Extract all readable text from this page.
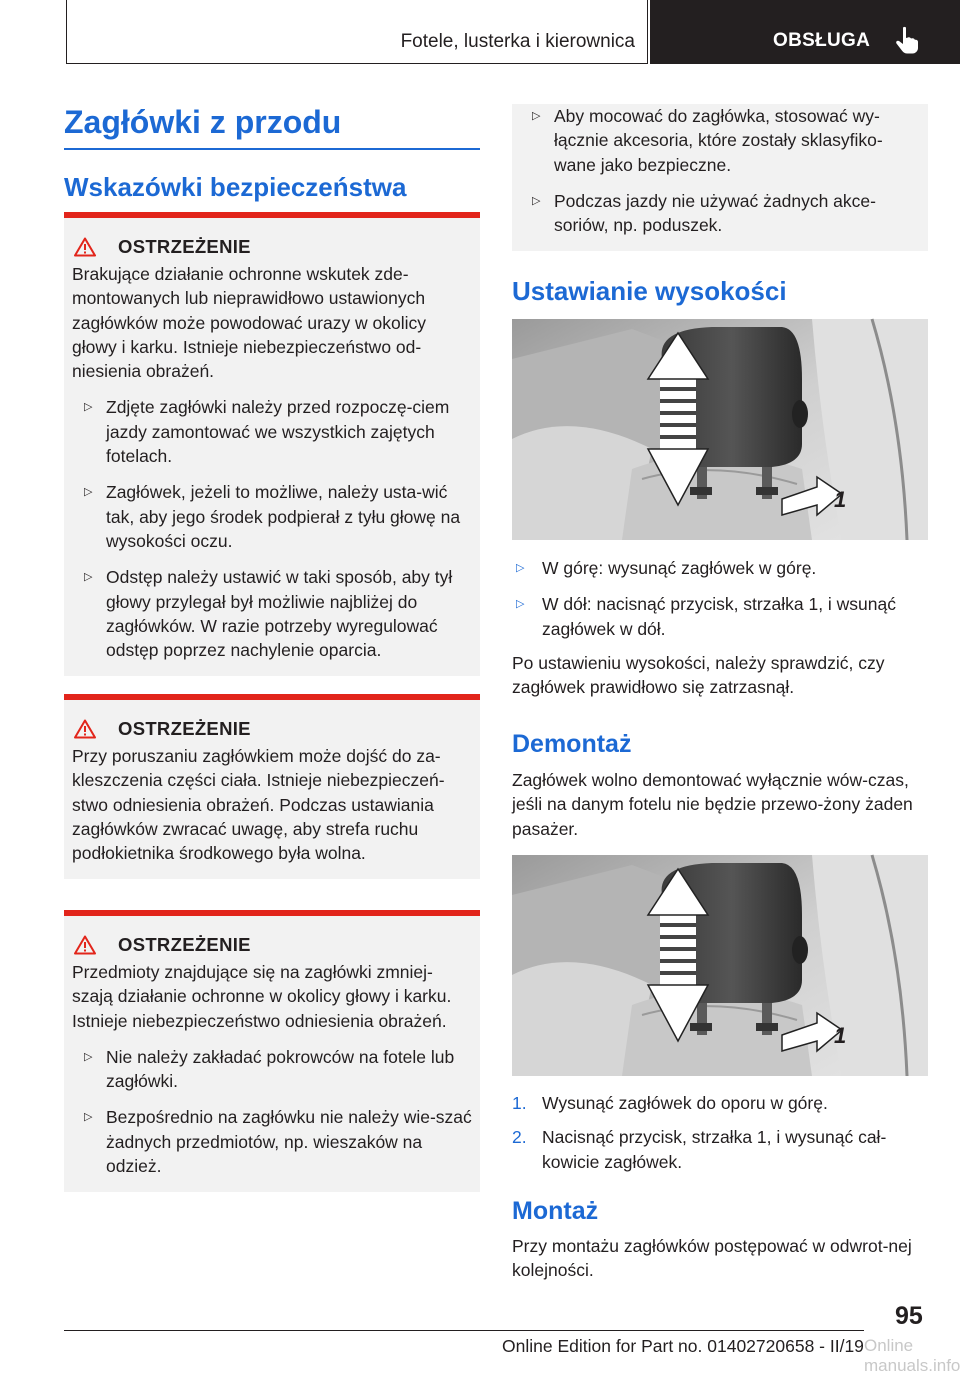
Fotele, lusterka i kierownica	OBSŁUGA
Zagłówki z przodu
Wskazówki bezpieczeństwa
OSTRZEŻENIE
Brakujące działanie ochronne wskutek zde-montowanych lub nieprawidłowo ustawionych zagłówków może powodować urazy w okolicy głowy i karku. Istnieje niebezpieczeństwo od-niesienia obrażeń.
▷ Zdjęte zagłówki należy przed rozpoczę-ciem jazdy zamontować we wszystkich zajętych fotelach.
▷ Zagłówek, jeżeli to możliwe, należy usta-wić tak, aby jego środek podpierał z tyłu głowę na wysokości oczu.
▷ Odstęp należy ustawić w taki sposób, aby tył głowy przylegał był możliwie najbliżej do zagłówków. W razie potrzeby wyregulować odstęp poprzez nachylenie oparcia.
OSTRZEŻENIE
Przy poruszaniu zagłówkiem może dojść do za-kleszczenia części ciała. Istnieje niebezpieczeń-stwo odniesienia obrażeń. Podczas ustawiania zagłówków zwracać uwagę, aby strefa ruchu podłokietnika środkowego była wolna.
OSTRZEŻENIE
Przedmioty znajdujące się na zagłówki zmniej-szają działanie ochronne w okolicy głowy i karku. Istnieje niebezpieczeństwo odniesienia obrażeń.
▷ Nie należy zakładać pokrowców na fotele lub zagłówki.
▷ Bezpośrednio na zagłówku nie należy wie-szać żadnych przedmiotów, np. wieszaków na odzież.
▷ Aby mocować do zagłówka, stosować wy-łącznie akcesoria, które zostały sklasyfiko-wane jako bezpieczne.
▷ Podczas jazdy nie używać żadnych akce-soriów, np. poduszek.
Ustawianie wysokości
1
▷ W górę: wysunąć zagłówek w górę.
▷ W dół: nacisnąć przycisk, strzałka 1, i wsunąć zagłówek w dół.
Po ustawieniu wysokości, należy sprawdzić, czy zagłówek prawidłowo się zatrzasnął.
Demontaż
Zagłówek wolno demontować wyłącznie wów-czas, jeśli na danym fotelu nie będzie przewo-żony żaden pasażer.
1
1. Wysunąć zagłówek do oporu w górę.
2. Nacisnąć przycisk, strzałka 1, i wysunąć cał-kowicie zagłówek.
Montaż
Przy montażu zagłówków postępować w odwrot-nej kolejności.
95
Online Edition for Part no. 01402720658 - II/19 Online manuals.info
